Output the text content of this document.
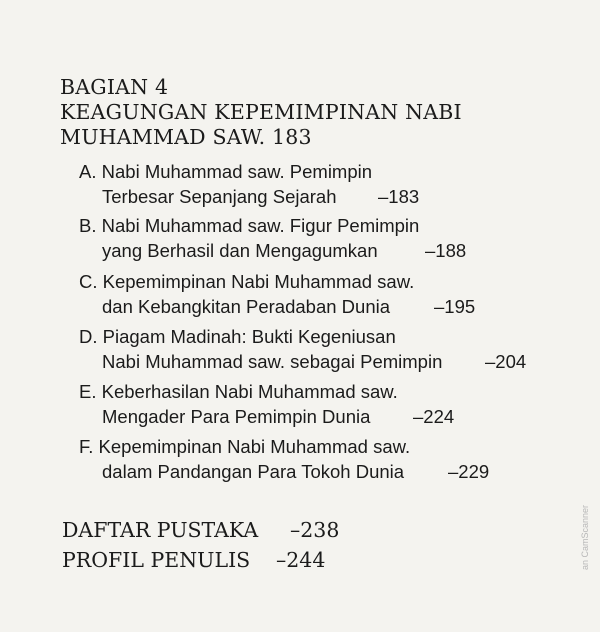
BAGIAN 4
KEAGUNGAN KEPEMIMPINAN NABI
MUHAMMAD SAW. 183
A. Nabi Muhammad saw. Pemimpin
Terbesar Sepanjang Sejarah –183
B. Nabi Muhammad saw. Figur Pemimpin
yang Berhasil dan Mengagumkan	–188
C. Kepemimpinan Nabi Muhammad saw.
dan Kebangkitan Peradaban Dunia –195
D. Piagam Madinah: Bukti Kegeniusan
Nabi Muhammad saw. sebagai Pemimpin –204
E. Keberhasilan Nabi Muhammad saw.
Mengader Para Pemimpin Dunia –224
F. Kepemimpinan Nabi Muhammad saw.
dalam Pandangan Para Tokoh Dunia –229
DAFTAR PUSTAKA –238
PROFIL PENULIS –244	an CamScanner
